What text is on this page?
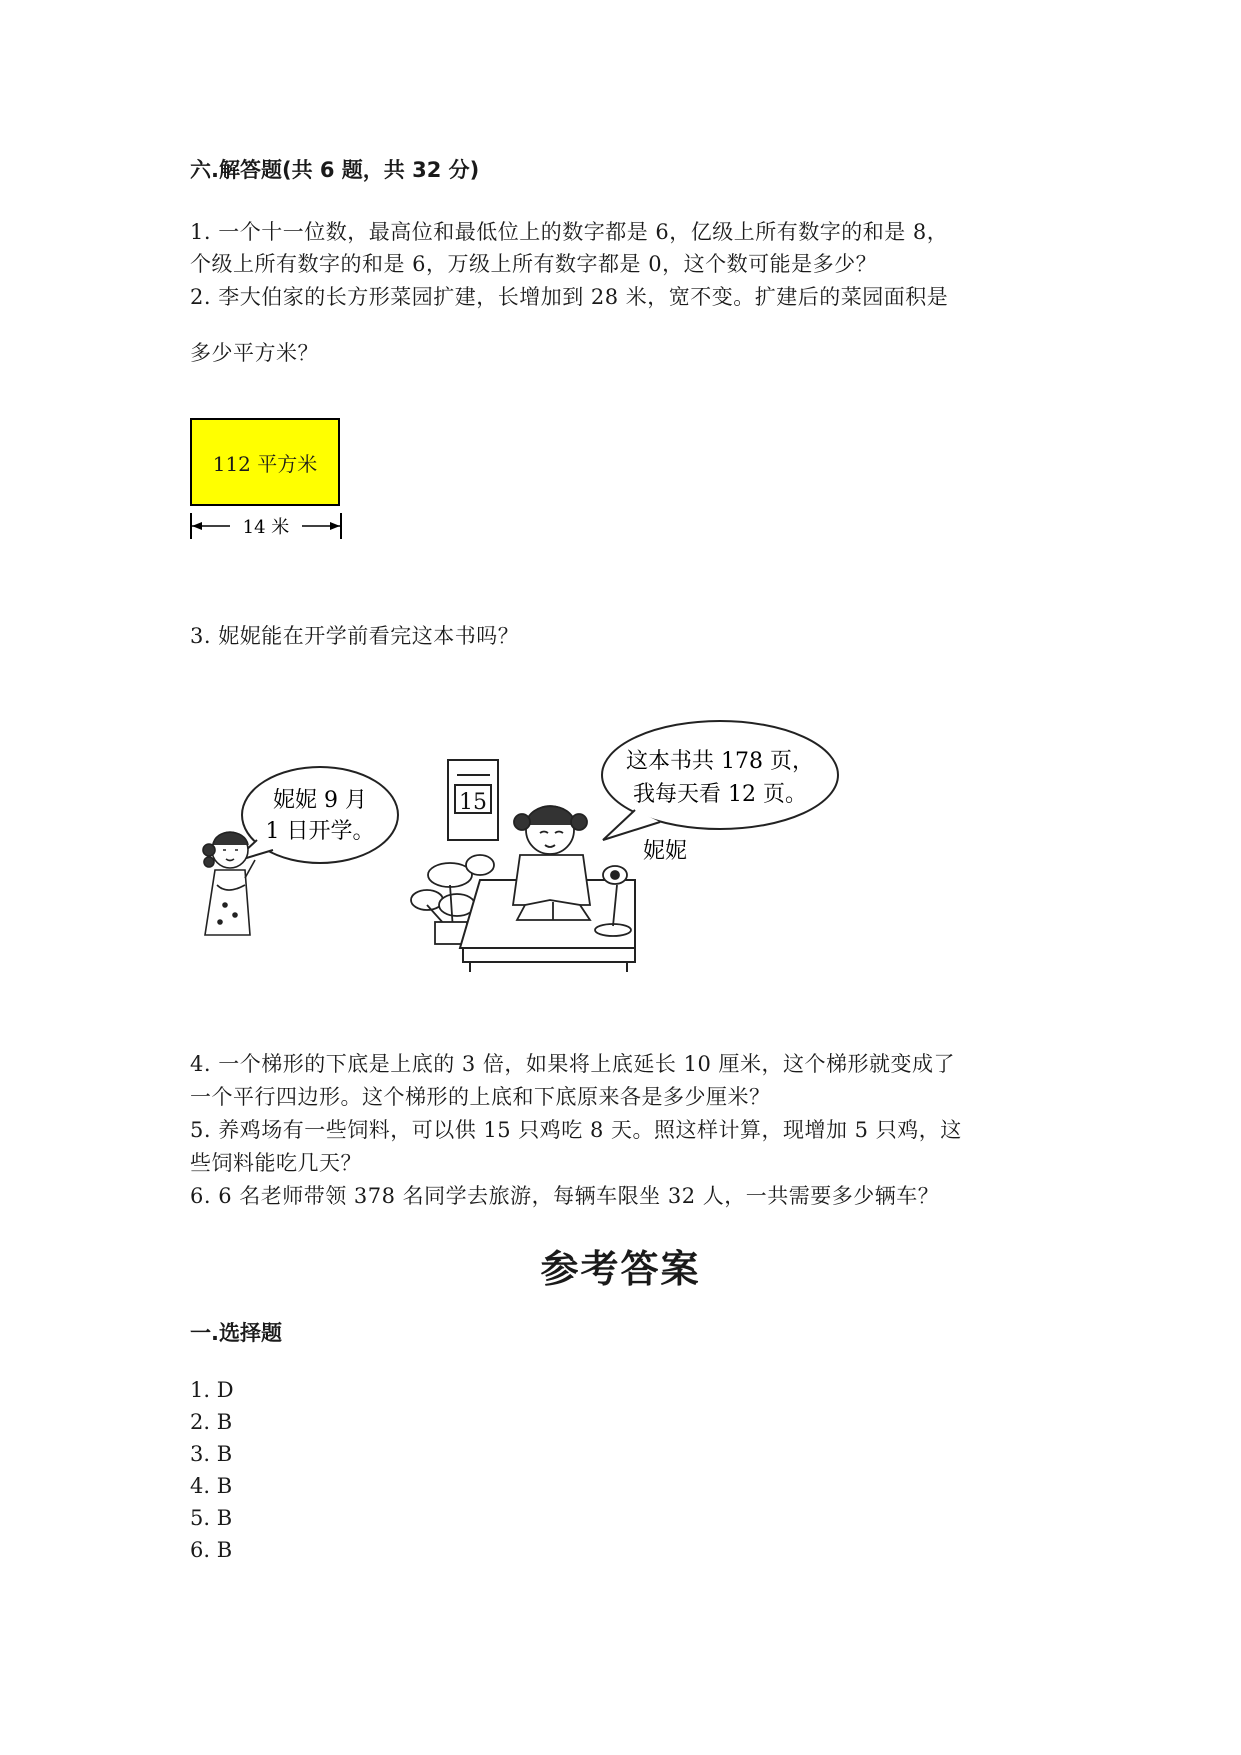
六.解答题(共 6 题，共 32 分)
1. 一个十一位数，最高位和最低位上的数字都是 6，亿级上所有数字的和是 8，
个级上所有数字的和是 6，万级上所有数字都是 0，这个数可能是多少？
2. 李大伯家的长方形菜园扩建，长增加到 28 米，宽不变。扩建后的菜园面积是
多少平方米？
112 平方米
14 米
3. 妮妮能在开学前看完这本书吗？
妮妮 9 月
1 日开学。
15
这本书共 178 页，
我每天看 12 页。
妮妮
4. 一个梯形的下底是上底的 3 倍，如果将上底延长 10 厘米，这个梯形就变成了
一个平行四边形。这个梯形的上底和下底原来各是多少厘米？
5. 养鸡场有一些饲料，可以供 15 只鸡吃 8 天。照这样计算，现增加 5 只鸡，这
些饲料能吃几天？
6. 6 名老师带领 378 名同学去旅游，每辆车限坐 32 人，一共需要多少辆车？
参考答案
一.选择题
1. D
2. B
3. B
4. B
5. B
6. B
